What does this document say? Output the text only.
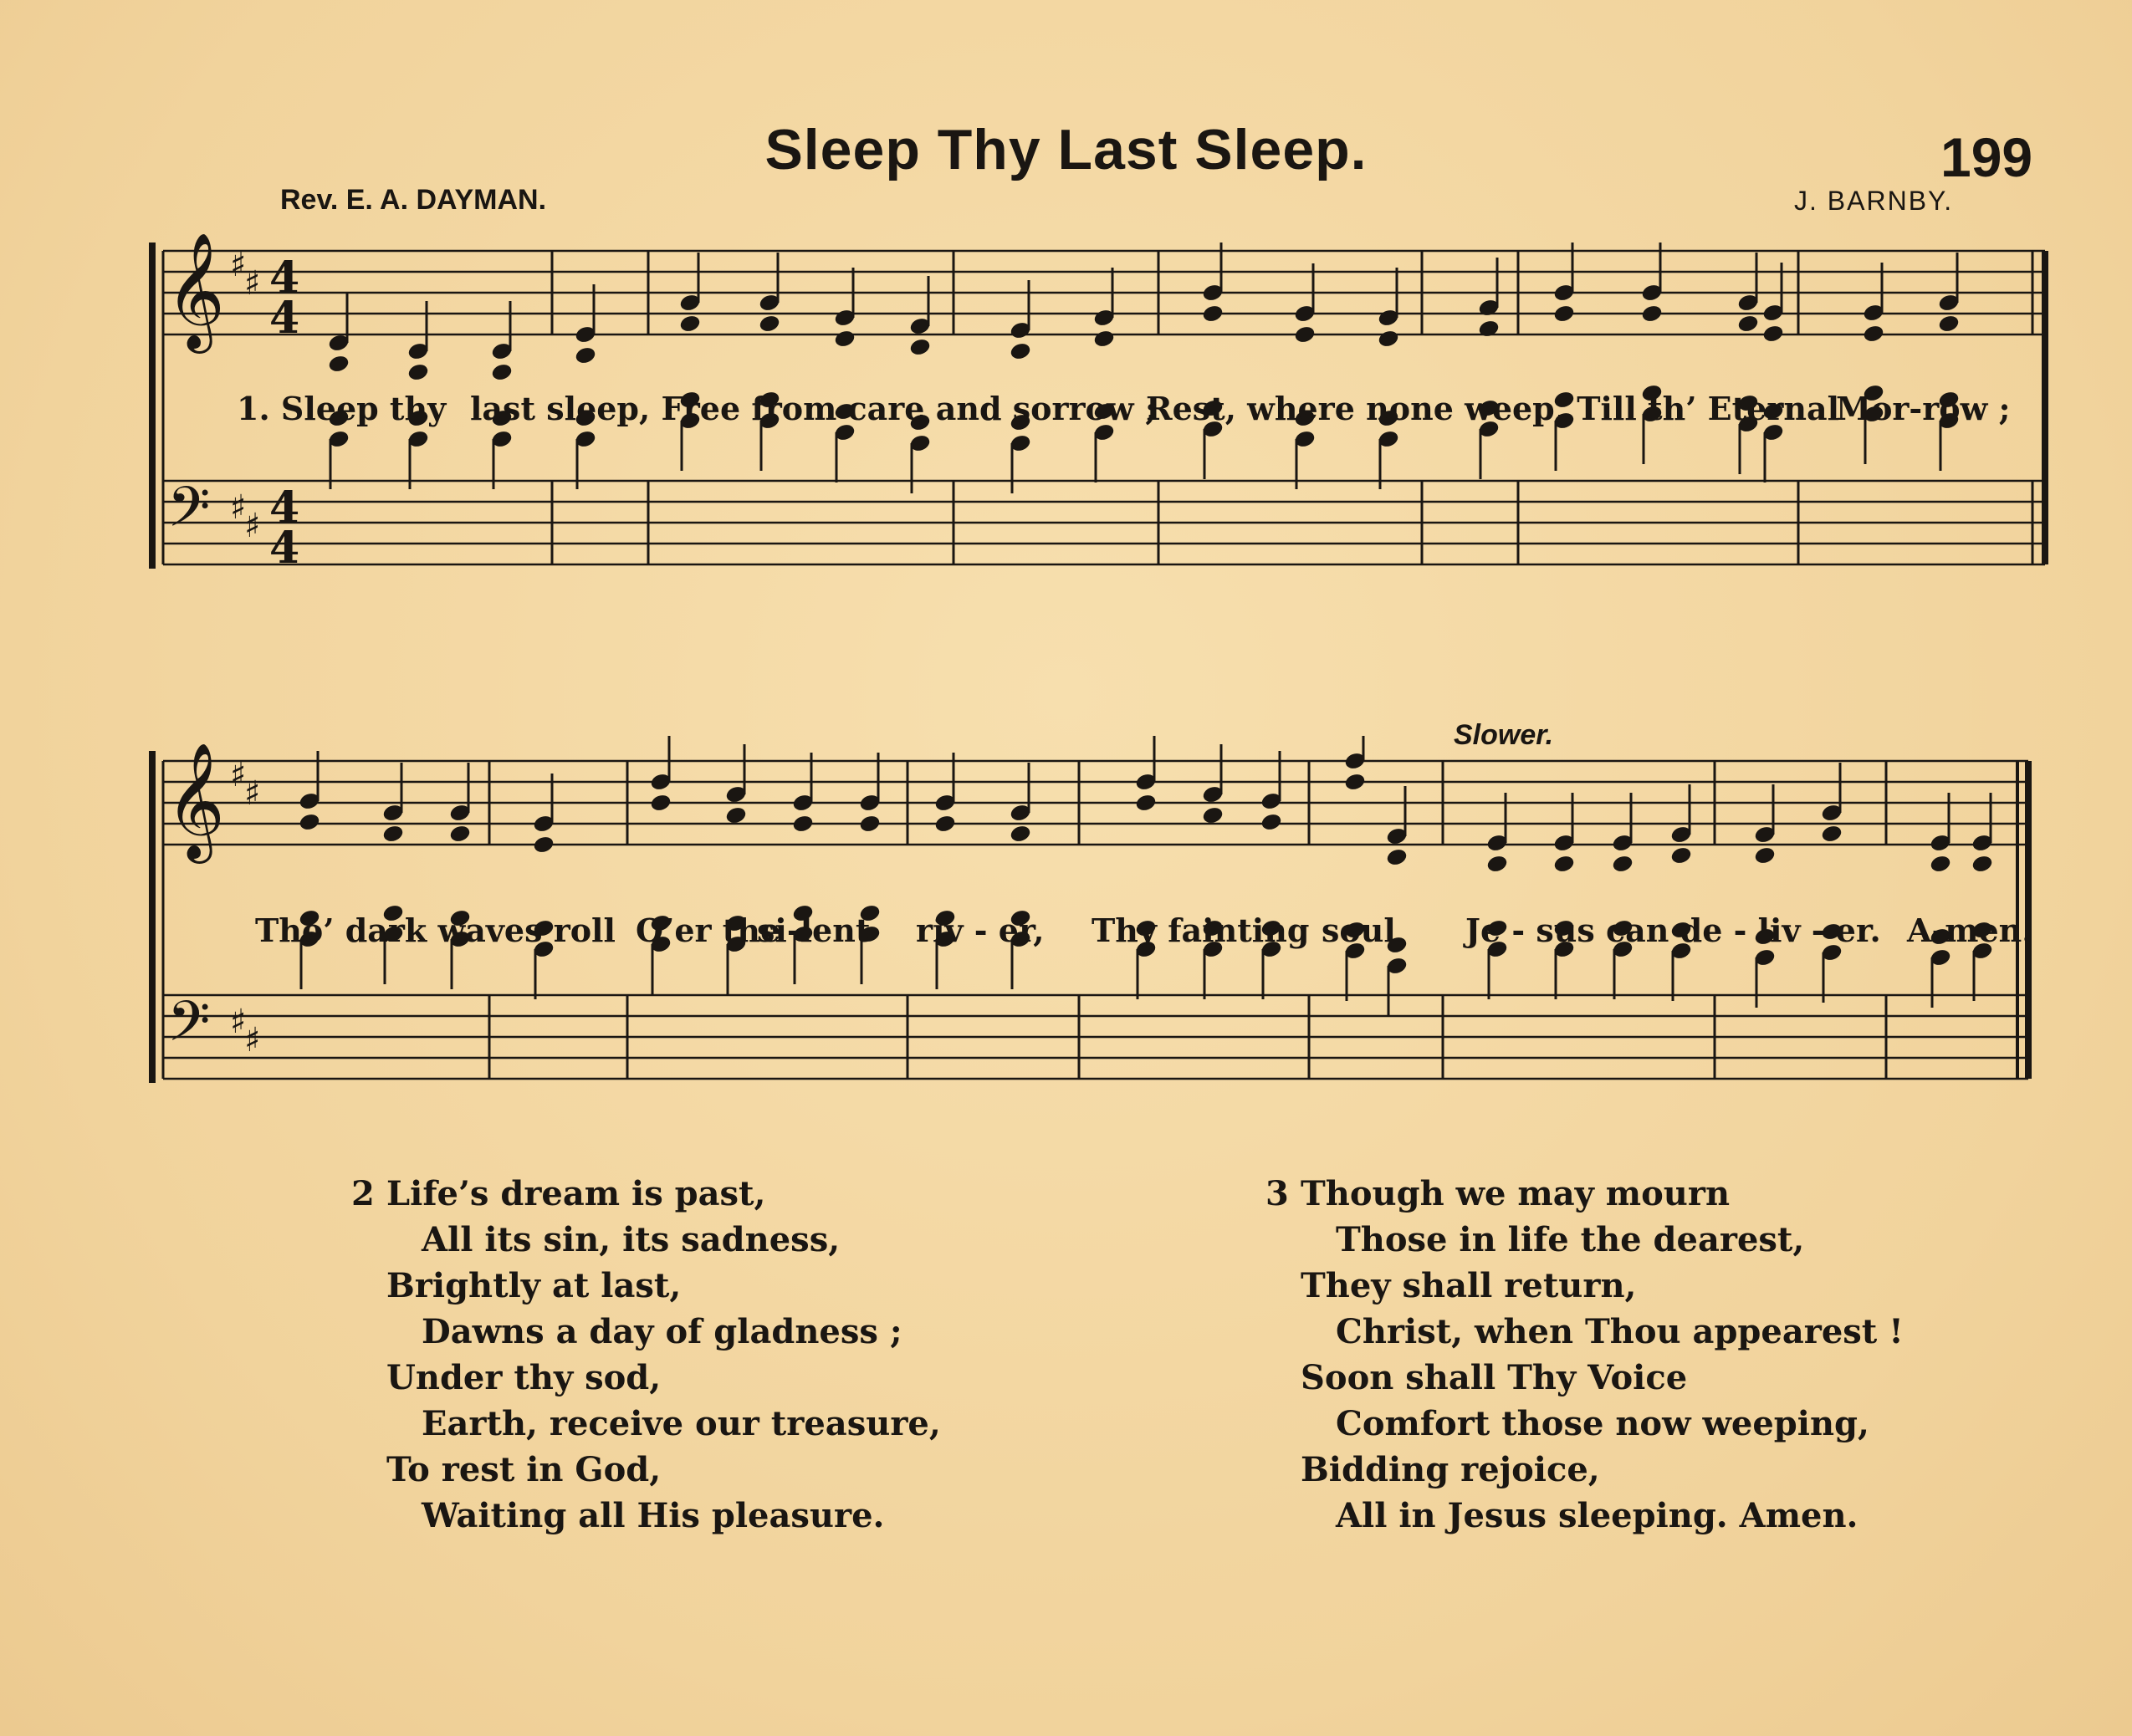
Sleep Thy Last Sleep.	199
Rev. E. A. DAYMAN.	J. BARNBY.
𝄞
𝄢
♯
♯
♯
♯
4
4
4
4
1. Sleep thy last sleep, Free from care and sorrow ;
Rest, where none weep, Till th’ Eternal
Mor-row ;
𝄞
𝄢
♯
♯
♯
♯
Slower.
Tho’ dark waves roll O’er the
si-lent riv - er, Thy fainting soul Je - sus can de - liv - er. A-men.
2 Life’s dream is past,
All its sin, its sadness,
Brightly at last,
Dawns a day of gladness ;
Under thy sod,
Earth, receive our treasure,
To rest in God,
Waiting all His pleasure.
3 Though we may mourn
Those in life the dearest,
They shall return,
Christ, when Thou appearest !
Soon shall Thy Voice
Comfort those now weeping,
Bidding rejoice,
All in Jesus sleeping. Amen.
